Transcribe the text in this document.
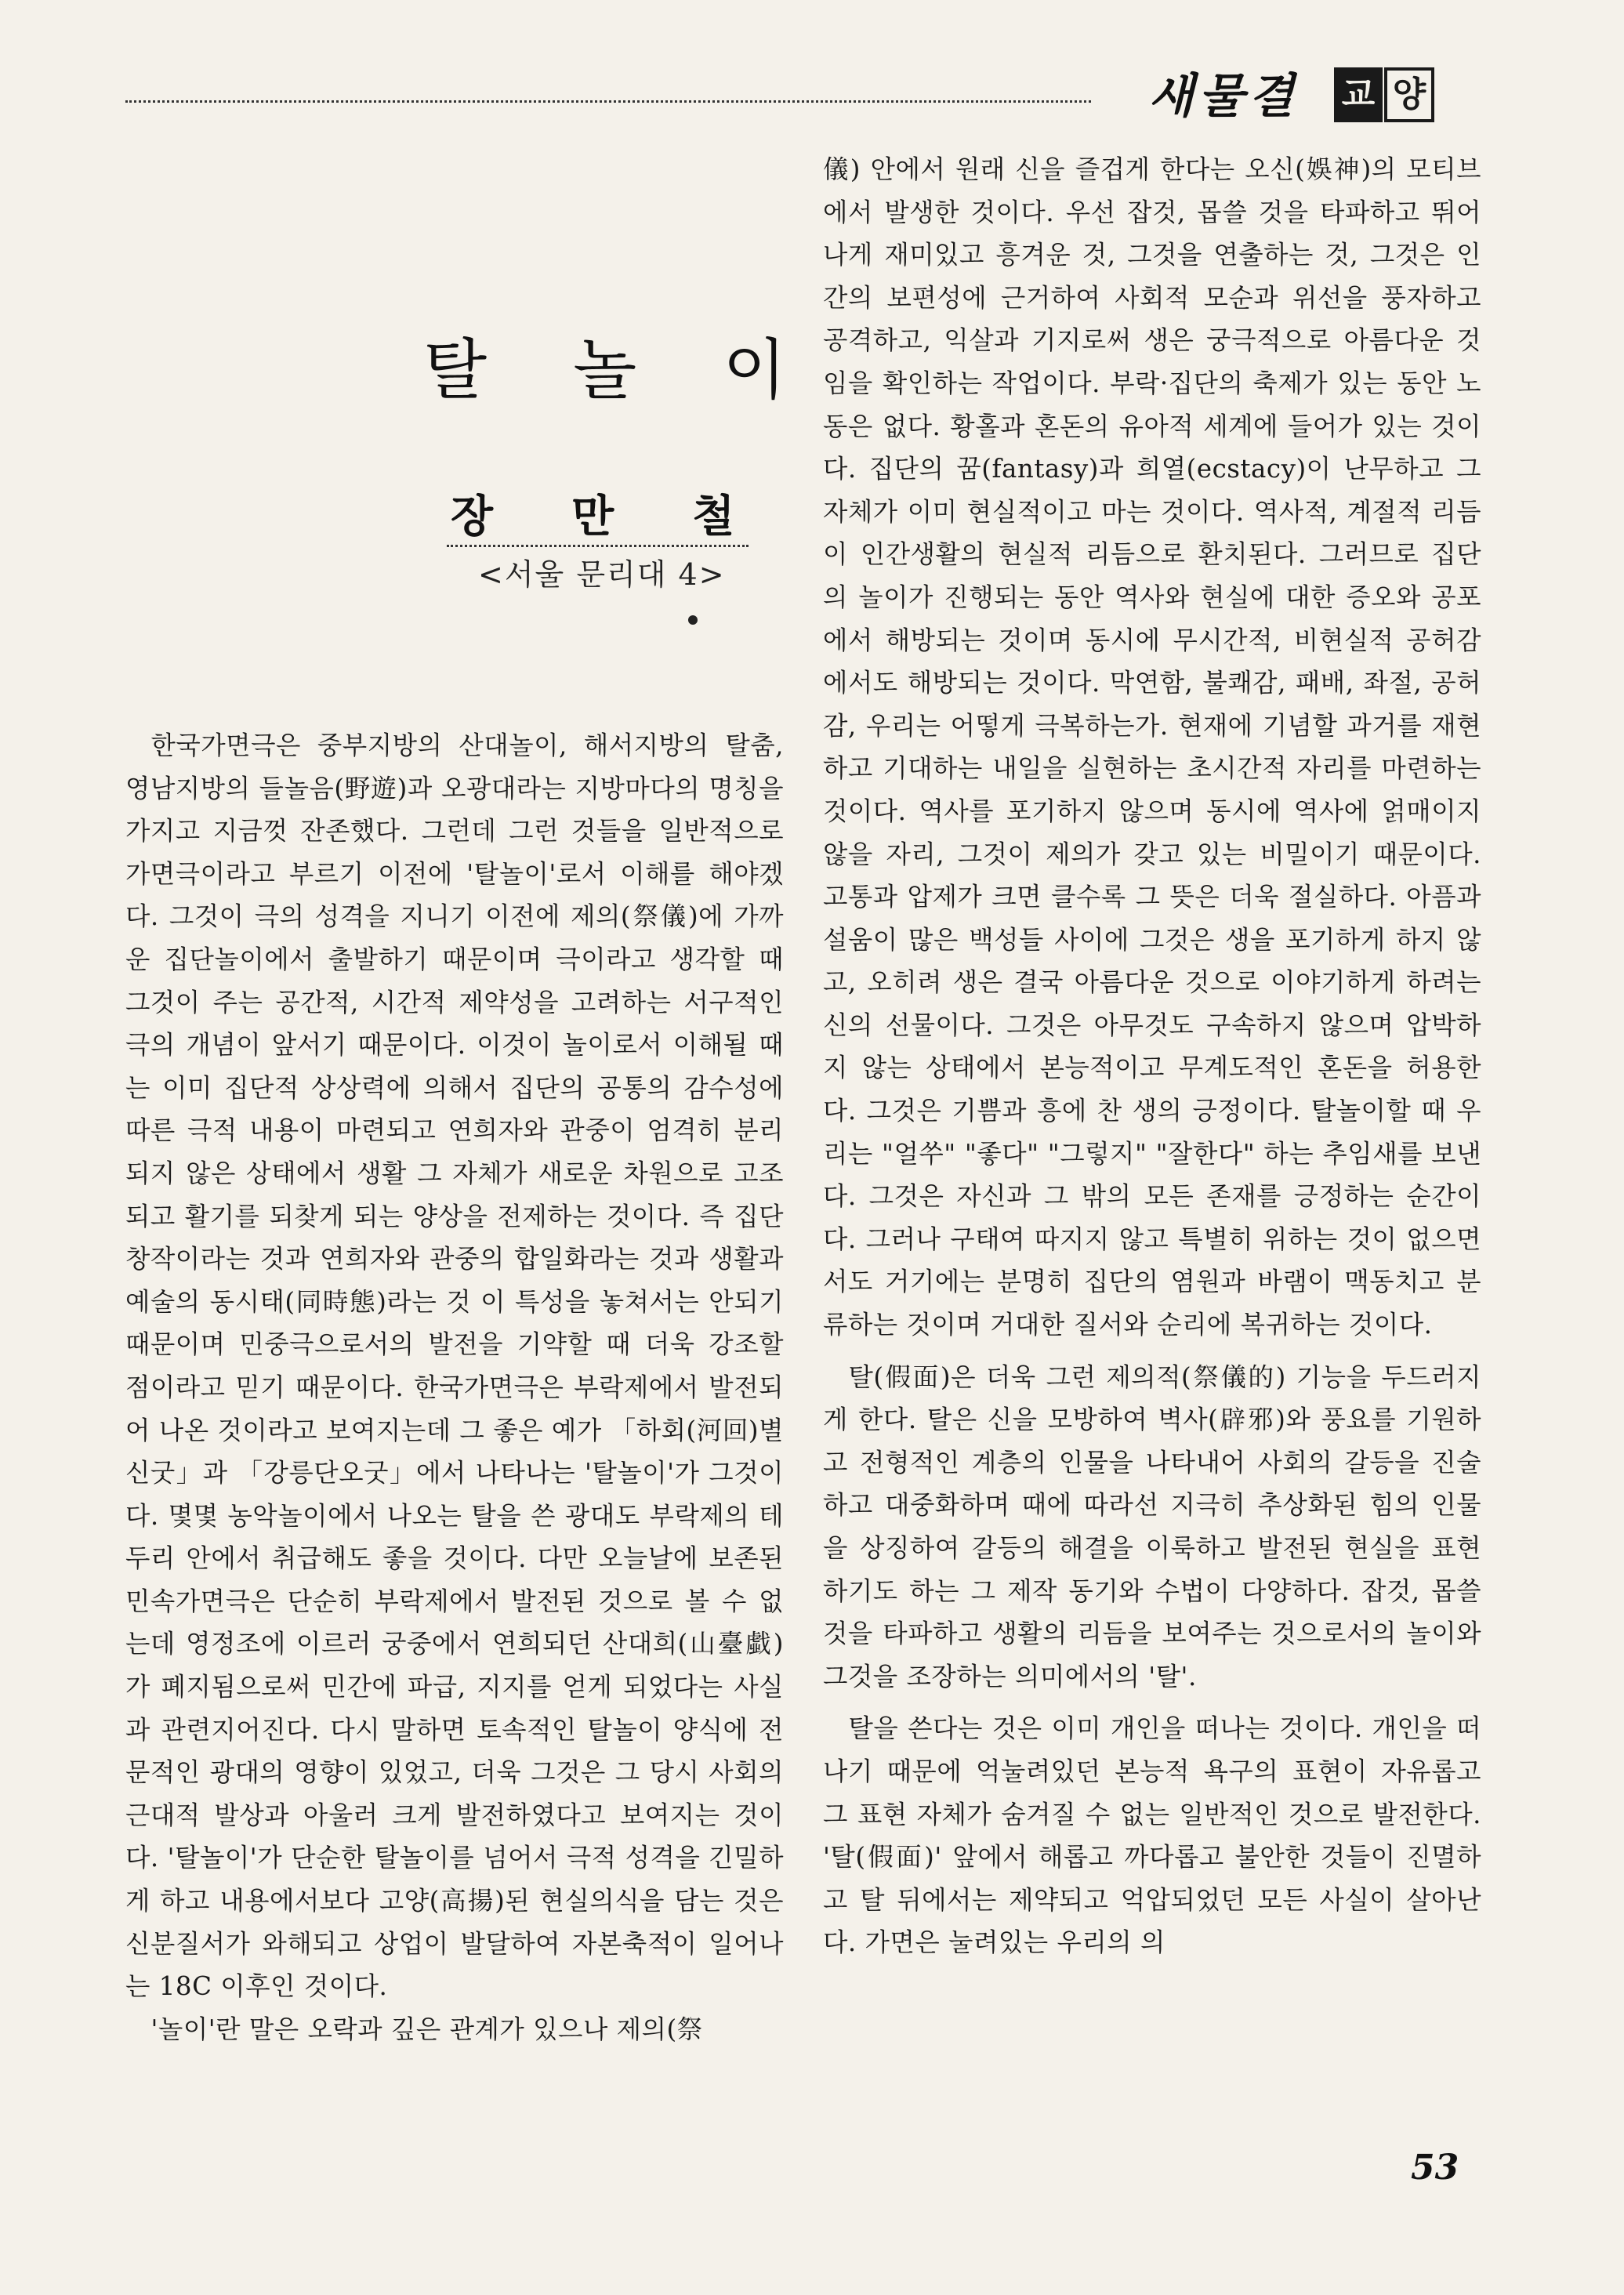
새물결 교 양
탈놀이
장만철
<서울 문리대 4>

한국가면극은 중부지방의 산대놀이, 해서지방의 탈춤, 영남지방의 들놀음(野遊)과 오광대라는 지방마다의 명칭을 가지고 지금껏 잔존했다. 그런데 그런 것들을 일반적으로 가면극이라고 부르기 이전에 '탈놀이'로서 이해를 해야겠다. 그것이 극의 성격을 지니기 이전에 제의(祭儀)에 가까운 집단놀이에서 출발하기 때문이며 극이라고 생각할 때 그것이 주는 공간적, 시간적 제약성을 고려하는 서구적인 극의 개념이 앞서기 때문이다. 이것이 놀이로서 이해될 때는 이미 집단적 상상력에 의해서 집단의 공통의 감수성에 따른 극적 내용이 마련되고 연희자와 관중이 엄격히 분리되지 않은 상태에서 생활 그 자체가 새로운 차원으로 고조되고 활기를 되찾게 되는 양상을 전제하는 것이다. 즉 집단창작이라는 것과 연희자와 관중의 합일화라는 것과 생활과 예술의 동시태(同時態)라는 것 이 특성을 놓쳐서는 안되기 때문이며 민중극으로서의 발전을 기약할 때 더욱 강조할 점이라고 믿기 때문이다. 한국가면극은 부락제에서 발전되어 나온 것이라고 보여지는데 그 좋은 예가 「하회(河回)별신굿」과 「강릉단오굿」에서 나타나는 '탈놀이'가 그것이다. 몇몇 농악놀이에서 나오는 탈을 쓴 광대도 부락제의 테두리 안에서 취급해도 좋을 것이다. 다만 오늘날에 보존된 민속가면극은 단순히 부락제에서 발전된 것으로 볼 수 없는데 영정조에 이르러 궁중에서 연희되던 산대희(山臺戱)가 폐지됨으로써 민간에 파급, 지지를 얻게 되었다는 사실과 관련지어진다. 다시 말하면 토속적인 탈놀이 양식에 전문적인 광대의 영향이 있었고, 더욱 그것은 그 당시 사회의 근대적 발상과 아울러 크게 발전하였다고 보여지는 것이다. '탈놀이'가 단순한 탈놀이를 넘어서 극적 성격을 긴밀하게 하고 내용에서보다 고양(高揚)된 현실의식을 담는 것은 신분질서가 와해되고 상업이 발달하여 자본축적이 일어나는 18C 이후인 것이다.

'놀이'란 말은 오락과 깊은 관계가 있으나 제의(祭

儀) 안에서 원래 신을 즐겁게 한다는 오신(娛神)의 모티브에서 발생한 것이다. 우선 잡것, 몹쓸 것을 타파하고 뛰어나게 재미있고 흥겨운 것, 그것을 연출하는 것, 그것은 인간의 보편성에 근거하여 사회적 모순과 위선을 풍자하고 공격하고, 익살과 기지로써 생은 궁극적으로 아름다운 것임을 확인하는 작업이다. 부락·집단의 축제가 있는 동안 노동은 없다. 황홀과 혼돈의 유아적 세계에 들어가 있는 것이다. 집단의 꿈(fantasy)과 희열(ecstacy)이 난무하고 그 자체가 이미 현실적이고 마는 것이다. 역사적, 계절적 리듬이 인간생활의 현실적 리듬으로 환치된다. 그러므로 집단의 놀이가 진행되는 동안 역사와 현실에 대한 증오와 공포에서 해방되는 것이며 동시에 무시간적, 비현실적 공허감에서도 해방되는 것이다. 막연함, 불쾌감, 패배, 좌절, 공허감, 우리는 어떻게 극복하는가. 현재에 기념할 과거를 재현하고 기대하는 내일을 실현하는 초시간적 자리를 마련하는 것이다. 역사를 포기하지 않으며 동시에 역사에 얽매이지 않을 자리, 그것이 제의가 갖고 있는 비밀이기 때문이다. 고통과 압제가 크면 클수록 그 뜻은 더욱 절실하다. 아픔과 설움이 많은 백성들 사이에 그것은 생을 포기하게 하지 않고, 오히려 생은 결국 아름다운 것으로 이야기하게 하려는 신의 선물이다. 그것은 아무것도 구속하지 않으며 압박하지 않는 상태에서 본능적이고 무계도적인 혼돈을 허용한다. 그것은 기쁨과 흥에 찬 생의 긍정이다. 탈놀이할 때 우리는 "얼쑤" "좋다" "그렇지" "잘한다" 하는 추임새를 보낸다. 그것은 자신과 그 밖의 모든 존재를 긍정하는 순간이다. 그러나 구태여 따지지 않고 특별히 위하는 것이 없으면서도 거기에는 분명히 집단의 염원과 바램이 맥동치고 분류하는 것이며 거대한 질서와 순리에 복귀하는 것이다.

탈(假面)은 더욱 그런 제의적(祭儀的) 기능을 두드러지게 한다. 탈은 신을 모방하여 벽사(辟邪)와 풍요를 기원하고 전형적인 계층의 인물을 나타내어 사회의 갈등을 진술하고 대중화하며 때에 따라선 지극히 추상화된 힘의 인물을 상징하여 갈등의 해결을 이룩하고 발전된 현실을 표현하기도 하는 그 제작 동기와 수법이 다양하다. 잡것, 몹쓸 것을 타파하고 생활의 리듬을 보여주는 것으로서의 놀이와 그것을 조장하는 의미에서의 '탈'.

탈을 쓴다는 것은 이미 개인을 떠나는 것이다. 개인을 떠나기 때문에 억눌려있던 본능적 욕구의 표현이 자유롭고 그 표현 자체가 숨겨질 수 없는 일반적인 것으로 발전한다. '탈(假面)' 앞에서 해롭고 까다롭고 불안한 것들이 진멸하고 탈 뒤에서는 제약되고 억압되었던 모든 사실이 살아난다. 가면은 눌려있는 우리의 의

53
